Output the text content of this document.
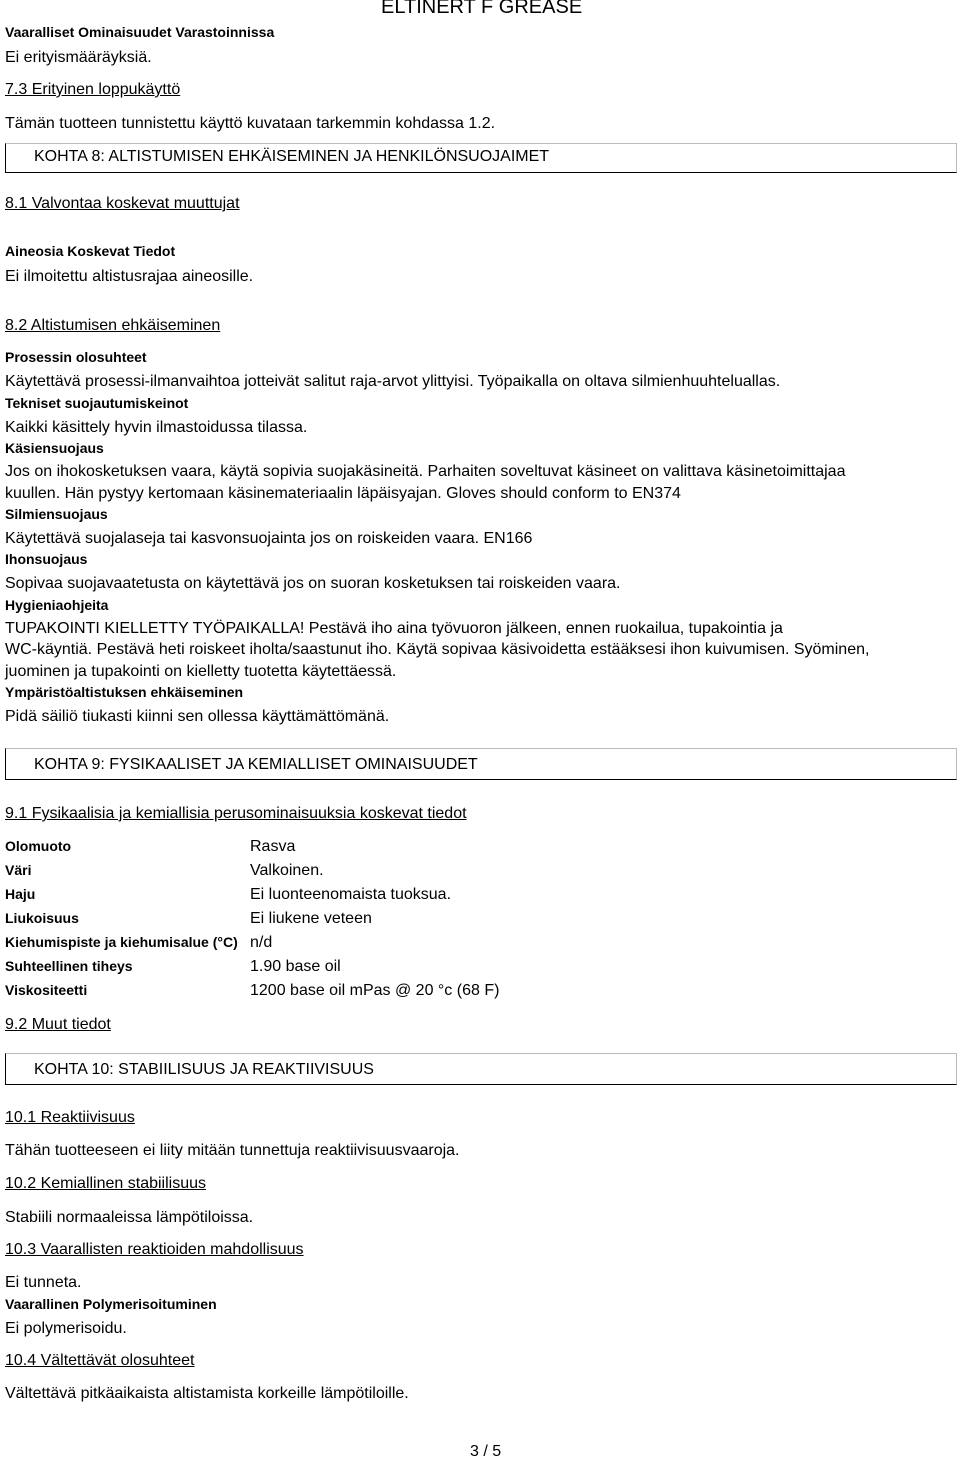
Vaaralliset Ominaisuudet Varastoinnissa
ELTINERT F GREASE
Ei erityismääräyksiä.
7.3 Erityinen loppukäyttö
Tämän tuotteen tunnistettu käyttö kuvataan tarkemmin kohdassa 1.2.
KOHTA 8: ALTISTUMISEN EHKÄISEMINEN JA HENKILÖNSUOJAIMET
8.1 Valvontaa koskevat muuttujat
Aineosia Koskevat Tiedot
Ei ilmoitettu altistusrajaa aineosille.
8.2 Altistumisen ehkäiseminen
Prosessin olosuhteet
Käytettävä prosessi-ilmanvaihtoa jotteivät salitut raja-arvot ylittyisi. Työpaikalla on oltava silmienhuuhteluallas.
Tekniset suojautumiskeinot
Kaikki käsittely hyvin ilmastoidussa tilassa.
Käsiensuojaus
Jos on ihokosketuksen vaara, käytä sopivia suojakäsineitä. Parhaiten soveltuvat käsineet on valittava käsinetoimittajaa
kuullen. Hän pystyy kertomaan käsinemateriaalin läpäisyajan. Gloves should conform to EN374
Silmiensuojaus
Käytettävä suojalaseja tai kasvonsuojainta jos on roiskeiden vaara. EN166
Ihonsuojaus
Sopivaa suojavaatetusta on käytettävä jos on suoran kosketuksen tai roiskeiden vaara.
Hygieniaohjeita
TUPAKOINTI KIELLETTY TYÖPAIKALLA! Pestävä iho aina työvuoron jälkeen, ennen ruokailua, tupakointia ja
WC-käyntiä. Pestävä heti roiskeet iholta/saastunut iho. Käytä sopivaa käsivoidetta estääksesi ihon kuivumisen. Syöminen,
juominen ja tupakointi on kielletty tuotetta käytettäessä.
Ympäristöaltistuksen ehkäiseminen
Pidä säiliö tiukasti kiinni sen ollessa käyttämättömänä.
KOHTA 9: FYSIKAALISET JA KEMIALLISET OMINAISUUDET
9.1 Fysikaalisia ja kemiallisia perusominaisuuksia koskevat tiedot
Olomuoto	Rasva
Väri	Valkoinen.
Haju	Ei luonteenomaista tuoksua.
Liukoisuus	Ei liukene veteen
Kiehumispiste ja kiehumisalue (°C) n/d
Suhteellinen tiheys	1.90 base oil
Viskositeetti	1200 base oil mPas @ 20 °c (68 F)
9.2 Muut tiedot
KOHTA 10: STABIILISUUS JA REAKTIIVISUUS
10.1 Reaktiivisuus
Tähän tuotteeseen ei liity mitään tunnettuja reaktiivisuusvaaroja.
10.2 Kemiallinen stabiilisuus
Stabiili normaaleissa lämpötiloissa.
10.3 Vaarallisten reaktioiden mahdollisuus
Ei tunneta.
Vaarallinen Polymerisoituminen
Ei polymerisoidu.
10.4 Vältettävät olosuhteet
Vältettävä pitkäaikaista altistamista korkeille lämpötiloille.
3 / 5
